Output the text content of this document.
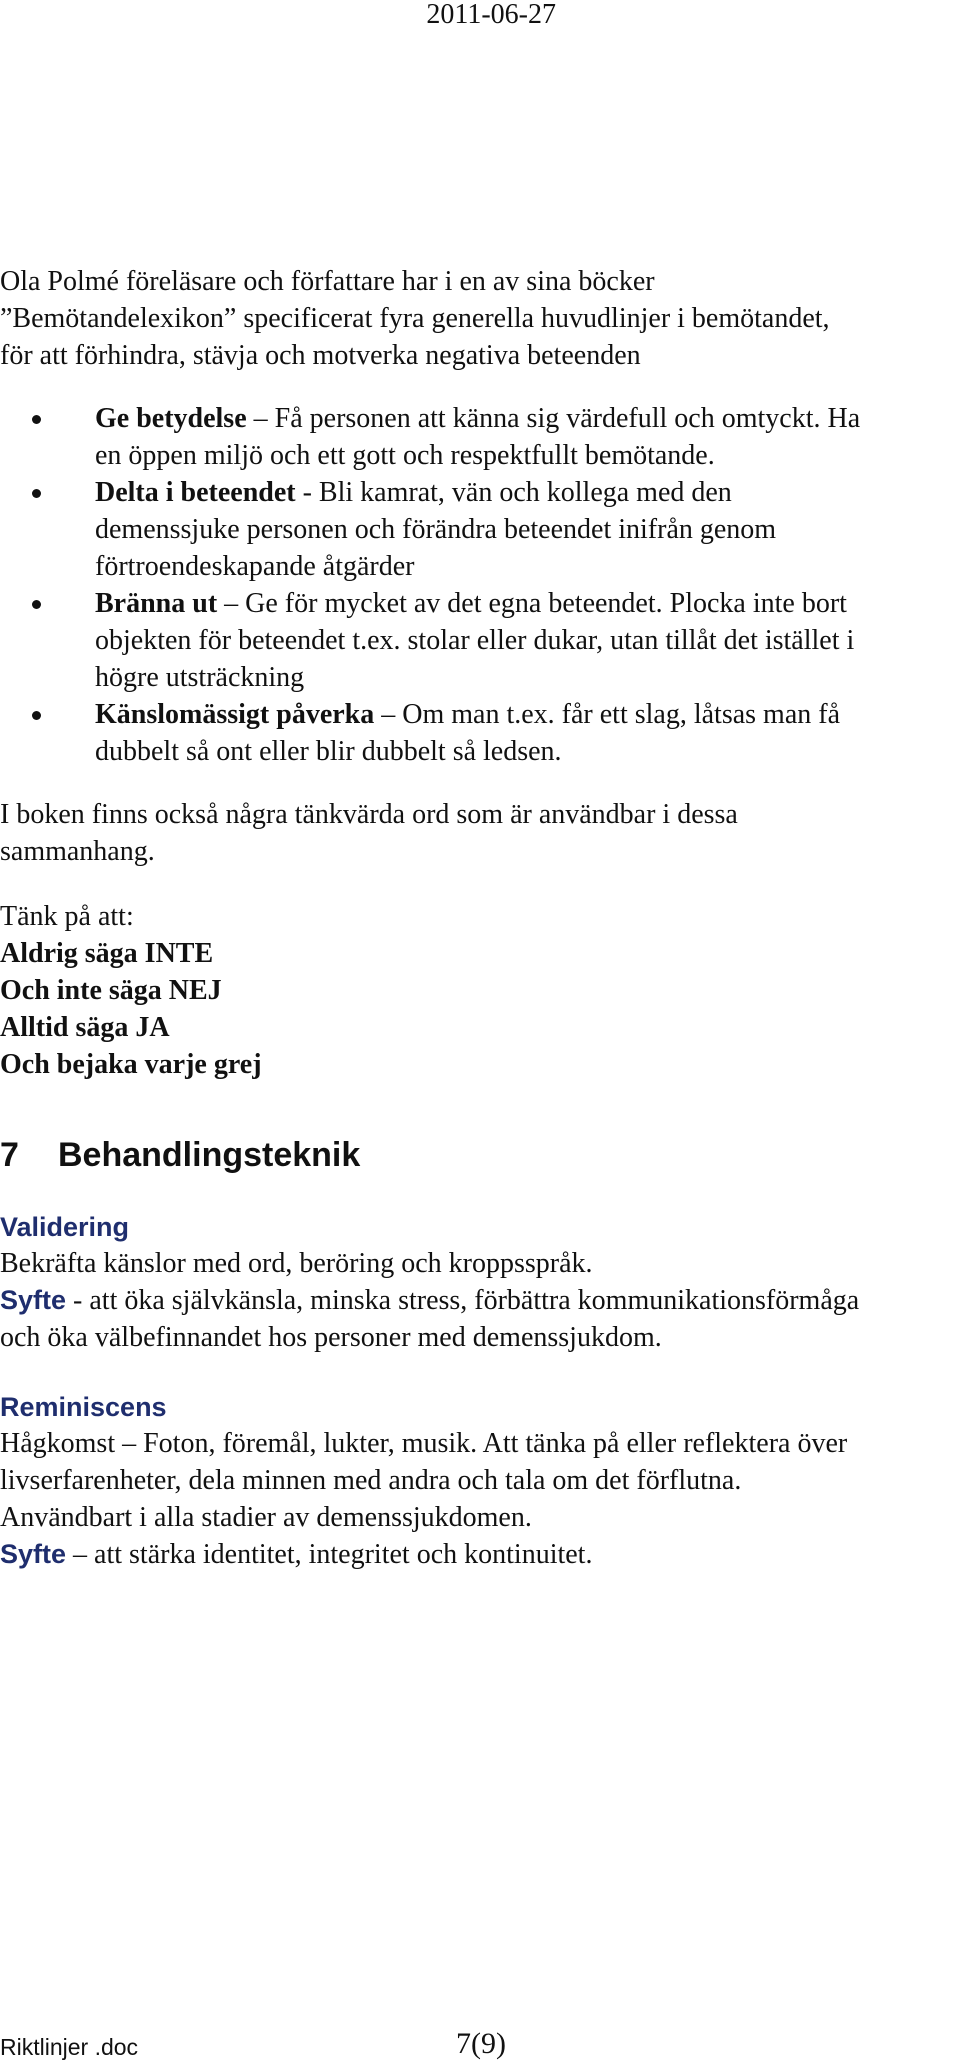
2011-06-27

Ola Polmé föreläsare och författare har i en av sina böcker

”Bemötandelexikon” specificerat fyra generella huvudlinjer i bemötandet,

för att förhindra, stävja och motverka negativa beteenden

Ge betydelse – Få personen att känna sig värdefull och omtyckt. Ha
en öppen miljö och ett gott och respektfullt bemötande.
Delta i beteendet - Bli kamrat, vän och kollega med den
demenssjuke personen och förändra beteendet inifrån genom
förtroendeskapande åtgärder
Bränna ut – Ge för mycket av det egna beteendet. Plocka inte bort
objekten för beteendet t.ex. stolar eller dukar, utan tillåt det istället i
högre utsträckning
Känslomässigt påverka – Om man t.ex. får ett slag, låtsas man få
dubbelt så ont eller blir dubbelt så ledsen.

I boken finns också några tänkvärda ord som är användbar i dessa

sammanhang.

Tänk på att:

Aldrig säga INTE

Och inte säga NEJ

Alltid säga JA

Och bejaka varje grej

7 Behandlingsteknik
Validering

Bekräfta känslor med ord, beröring och kroppsspråk.

Syfte - att öka självkänsla, minska stress, förbättra kommunikationsförmåga

och öka välbefinnandet hos personer med demenssjukdom.

Reminiscens

Hågkomst – Foton, föremål, lukter, musik. Att tänka på eller reflektera över

livserfarenheter, dela minnen med andra och tala om det förflutna.

Användbart i alla stadier av demenssjukdomen.

Syfte – att stärka identitet, integritet och kontinuitet.

Riktlinjer .doc	7(9)
